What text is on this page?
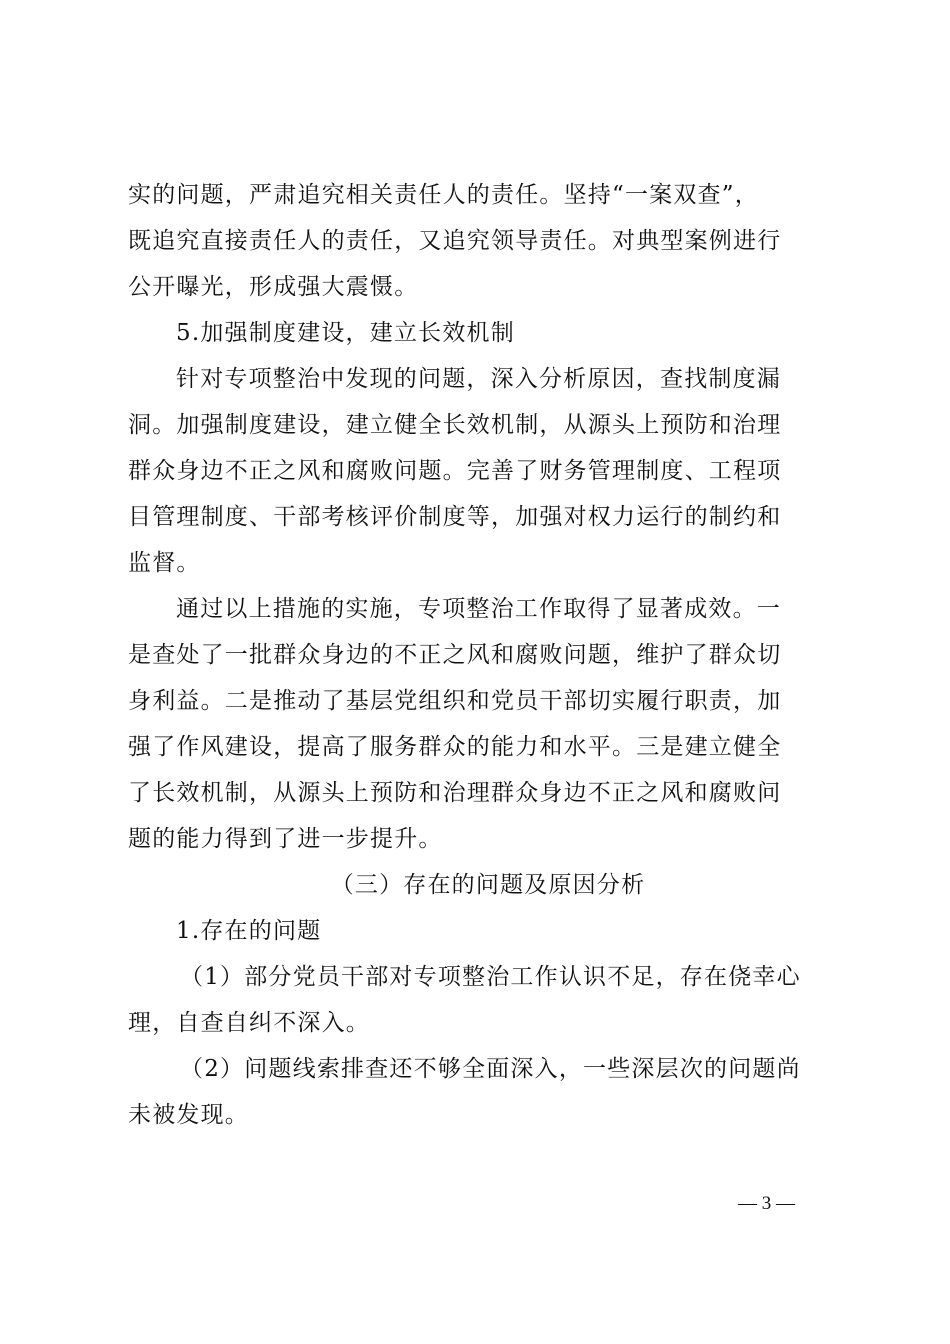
实的问题，严肃追究相关责任人的责任。坚持“一案双查”，
既追究直接责任人的责任，又追究领导责任。对典型案例进行
公开曝光，形成强大震慑。
5.加强制度建设，建立长效机制
针对专项整治中发现的问题，深入分析原因，查找制度漏
洞。加强制度建设，建立健全长效机制，从源头上预防和治理
群众身边不正之风和腐败问题。完善了财务管理制度、工程项
目管理制度、干部考核评价制度等，加强对权力运行的制约和
监督。
通过以上措施的实施，专项整治工作取得了显著成效。一
是查处了一批群众身边的不正之风和腐败问题，维护了群众切
身利益。二是推动了基层党组织和党员干部切实履行职责，加
强了作风建设，提高了服务群众的能力和水平。三是建立健全
了长效机制，从源头上预防和治理群众身边不正之风和腐败问
题的能力得到了进一步提升。
（三）存在的问题及原因分析
1.存在的问题
（1）部分党员干部对专项整治工作认识不足，存在侥幸心
理，自查自纠不深入。
（2）问题线索排查还不够全面深入，一些深层次的问题尚
未被发现。
— 3 —
